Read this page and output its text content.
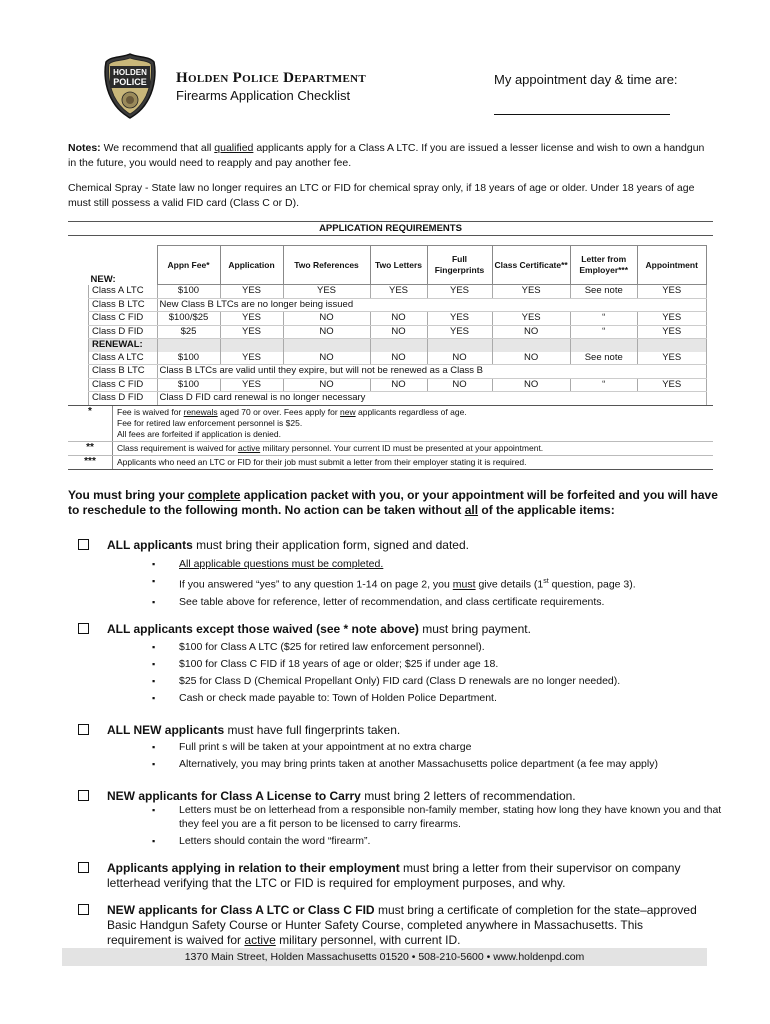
HOLDEN
POLICE Holden Police Department
Firearms Application Checklist
My appointment day & time are:
Notes: We recommend that all qualified applicants apply for a Class A LTC. If you are issued a lesser license and wish to own a handgun in the future, you would need to reapply and pay another fee.
Chemical Spray - State law no longer requires an LTC or FID for chemical spray only, if 18 years of age or older. Under 18 years of age must still possess a valid FID card (Class C or D).
APPLICATION REQUIREMENTS
NEW:	Appn Fee*	Application	Two References	Two Letters	Full Fingerprints	Class Certificate**	Letter from Employer***	Appointment
Class A LTC	$100	YES	YES	YES	YES	YES	See note	YES
Class B LTC	New Class B LTCs are no longer being issued							
Class C FID	$100/$25	YES	NO	NO	YES	YES	“	YES
Class D FID	$25	YES	NO	NO	YES	NO	“	YES
RENEWAL:								
Class A LTC	$100	YES	NO	NO	NO	NO	See note	YES
Class B LTC	Class B LTCs are valid until they expire, but will not be renewed as a Class B							
Class C FID	$100	YES	NO	NO	NO	NO	“	YES
Class D FID	Class D FID card renewal is no longer necessary							
*	Fee is waived for renewals aged 70 or over. Fees apply for new applicants regardless of age.
Fee for retired law enforcement personnel is $25.
All fees are forfeited if application is denied.
**	Class requirement is waived for active military personnel. Your current ID must be presented at your appointment.
***	Applicants who need an LTC or FID for their job must submit a letter from their employer stating it is required.
You must bring your complete application packet with you, or your appointment will be forfeited and you will have to reschedule to the following month. No action can be taken without all of the applicable items:
ALL applicants must bring their application form, signed and dated.
▪ All applicable questions must be completed.
▪ If you answered “yes” to any question 1-14 on page 2, you must give details (1st question, page 3).
▪ See table above for reference, letter of recommendation, and class certificate requirements.
ALL applicants except those waived (see * note above) must bring payment.
▪ $100 for Class A LTC ($25 for retired law enforcement personnel).
▪ $100 for Class C FID if 18 years of age or older; $25 if under age 18.
▪ $25 for Class D (Chemical Propellant Only) FID card (Class D renewals are no longer needed).
▪ Cash or check made payable to: Town of Holden Police Department.
ALL NEW applicants must have full fingerprints taken.
▪ Full print s will be taken at your appointment at no extra charge
▪ Alternatively, you may bring prints taken at another Massachusetts police department (a fee may apply)
NEW applicants for Class A License to Carry must bring 2 letters of recommendation.
▪ Letters must be on letterhead from a responsible non-family member, stating how long they have known you and that they feel you are a fit person to be licensed to carry firearms.
▪ Letters should contain the word “firearm”.
Applicants applying in relation to their employment must bring a letter from their supervisor on company letterhead verifying that the LTC or FID is required for employment purposes, and why.
NEW applicants for Class A LTC or Class C FID must bring a certificate of completion for the state–approved Basic Handgun Safety Course or Hunter Safety Course, completed anywhere in Massachusetts. This requirement is waived for active military personnel, with current ID.
1370 Main Street, Holden Massachusetts 01520 • 508-210-5600 • www.holdenpd.com
